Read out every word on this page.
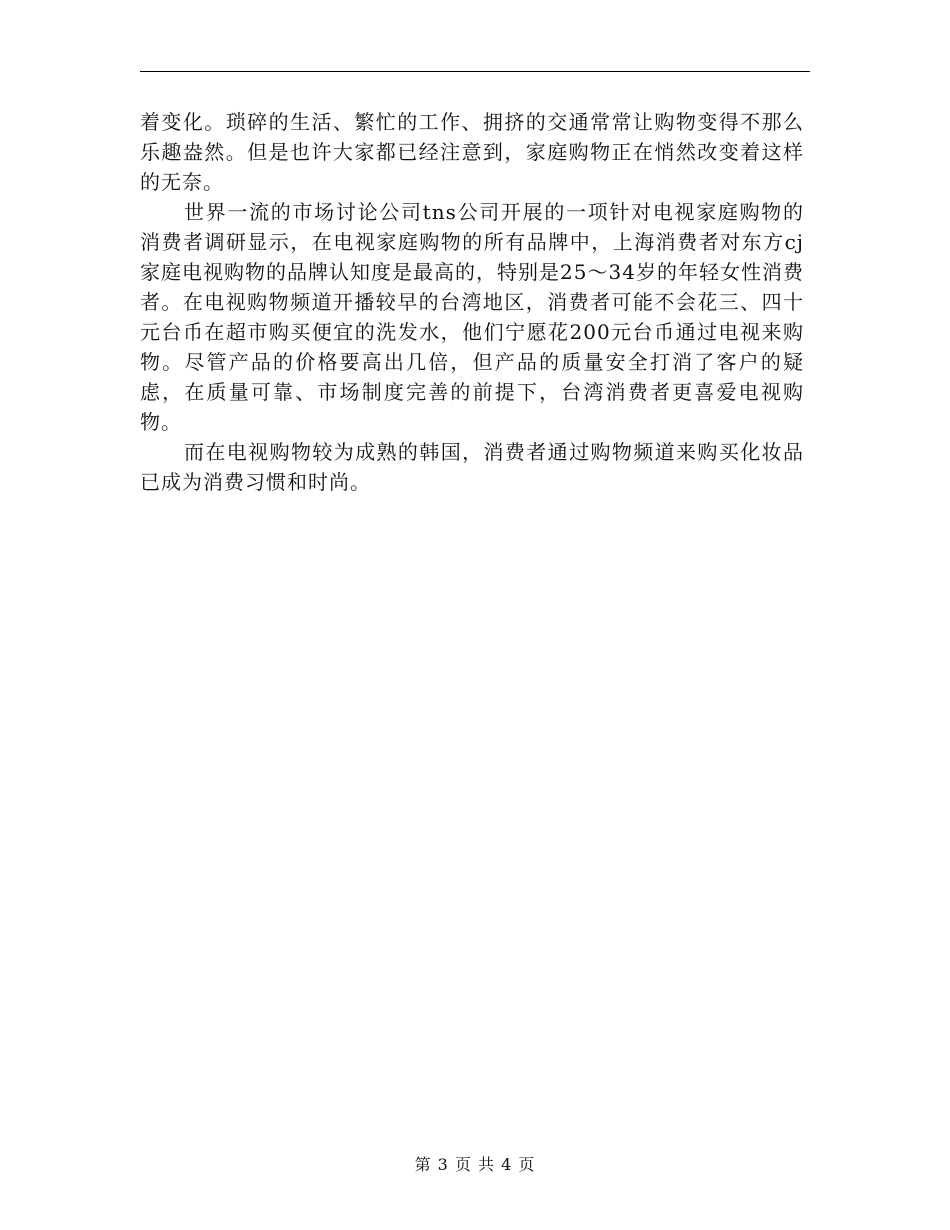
着变化。琐碎的生活、繁忙的工作、拥挤的交通常常让购物变得不那么乐趣盎然。但是也许大家都已经注意到，家庭购物正在悄然改变着这样的无奈。

世界一流的市场讨论公司tns公司开展的一项针对电视家庭购物的消费者调研显示，在电视家庭购物的所有品牌中，上海消费者对东方cj家庭电视购物的品牌认知度是最高的，特别是25～34岁的年轻女性消费者。在电视购物频道开播较早的台湾地区，消费者可能不会花三、四十元台币在超市购买便宜的洗发水，他们宁愿花200元台币通过电视来购物。尽管产品的价格要高出几倍，但产品的质量安全打消了客户的疑虑，在质量可靠、市场制度完善的前提下，台湾消费者更喜爱电视购物。

而在电视购物较为成熟的韩国，消费者通过购物频道来购买化妆品已成为消费习惯和时尚。

第 3 页 共 4 页
